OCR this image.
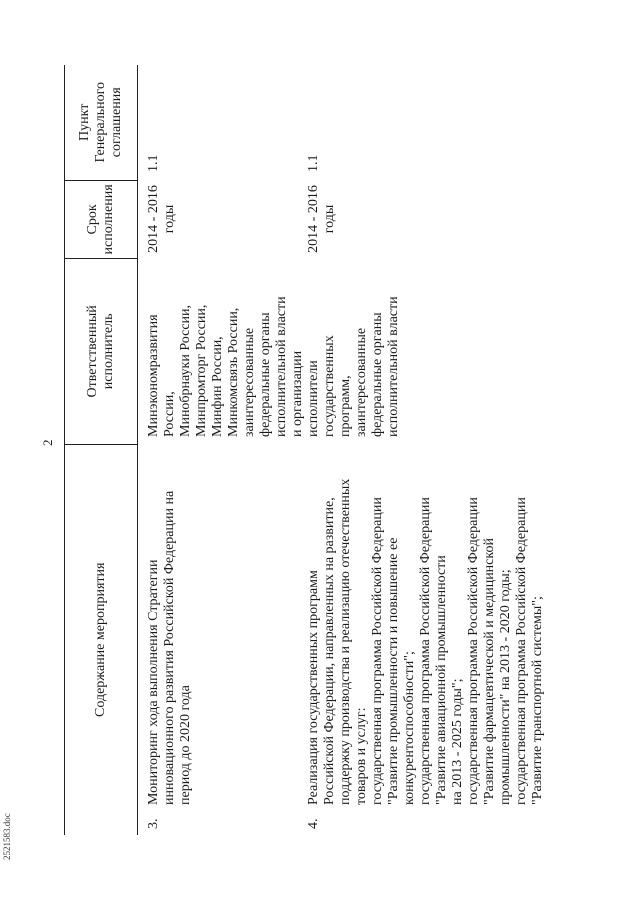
2
2521583.doc
Содержание мероприятия
Ответственный исполнитель
Срок исполнения
Пункт Генерального соглашения
3.
Мониторинг хода выполнения Стратегии инновационного развития Российской Федерации на период до 2020 года
Минэкономразвития России, Минобрнауки России, Минпромторг России, Минфин России, Минкомсвязь России, заинтересованные федеральные органы исполнительной власти и организации
2014 - 2016 годы
1.1
4.
Реализация государственных программ Российской Федерации, направленных на развитие, поддержку производства и реализацию отечественных товаров и услуг: государственная программа Российской Федерации "Развитие промышленности и повышение ее конкурентоспособности"; государственная программа Российской Федерации "Развитие авиационной промышленности на 2013 - 2025 годы"; государственная программа Российской Федерации "Развитие фармацевтической и медицинской промышленности" на 2013 - 2020 годы; государственная программа Российской Федерации "Развитие транспортной системы";
исполнители государственных программ, заинтересованные федеральные органы исполнительной власти
2014 - 2016 годы
1.1
